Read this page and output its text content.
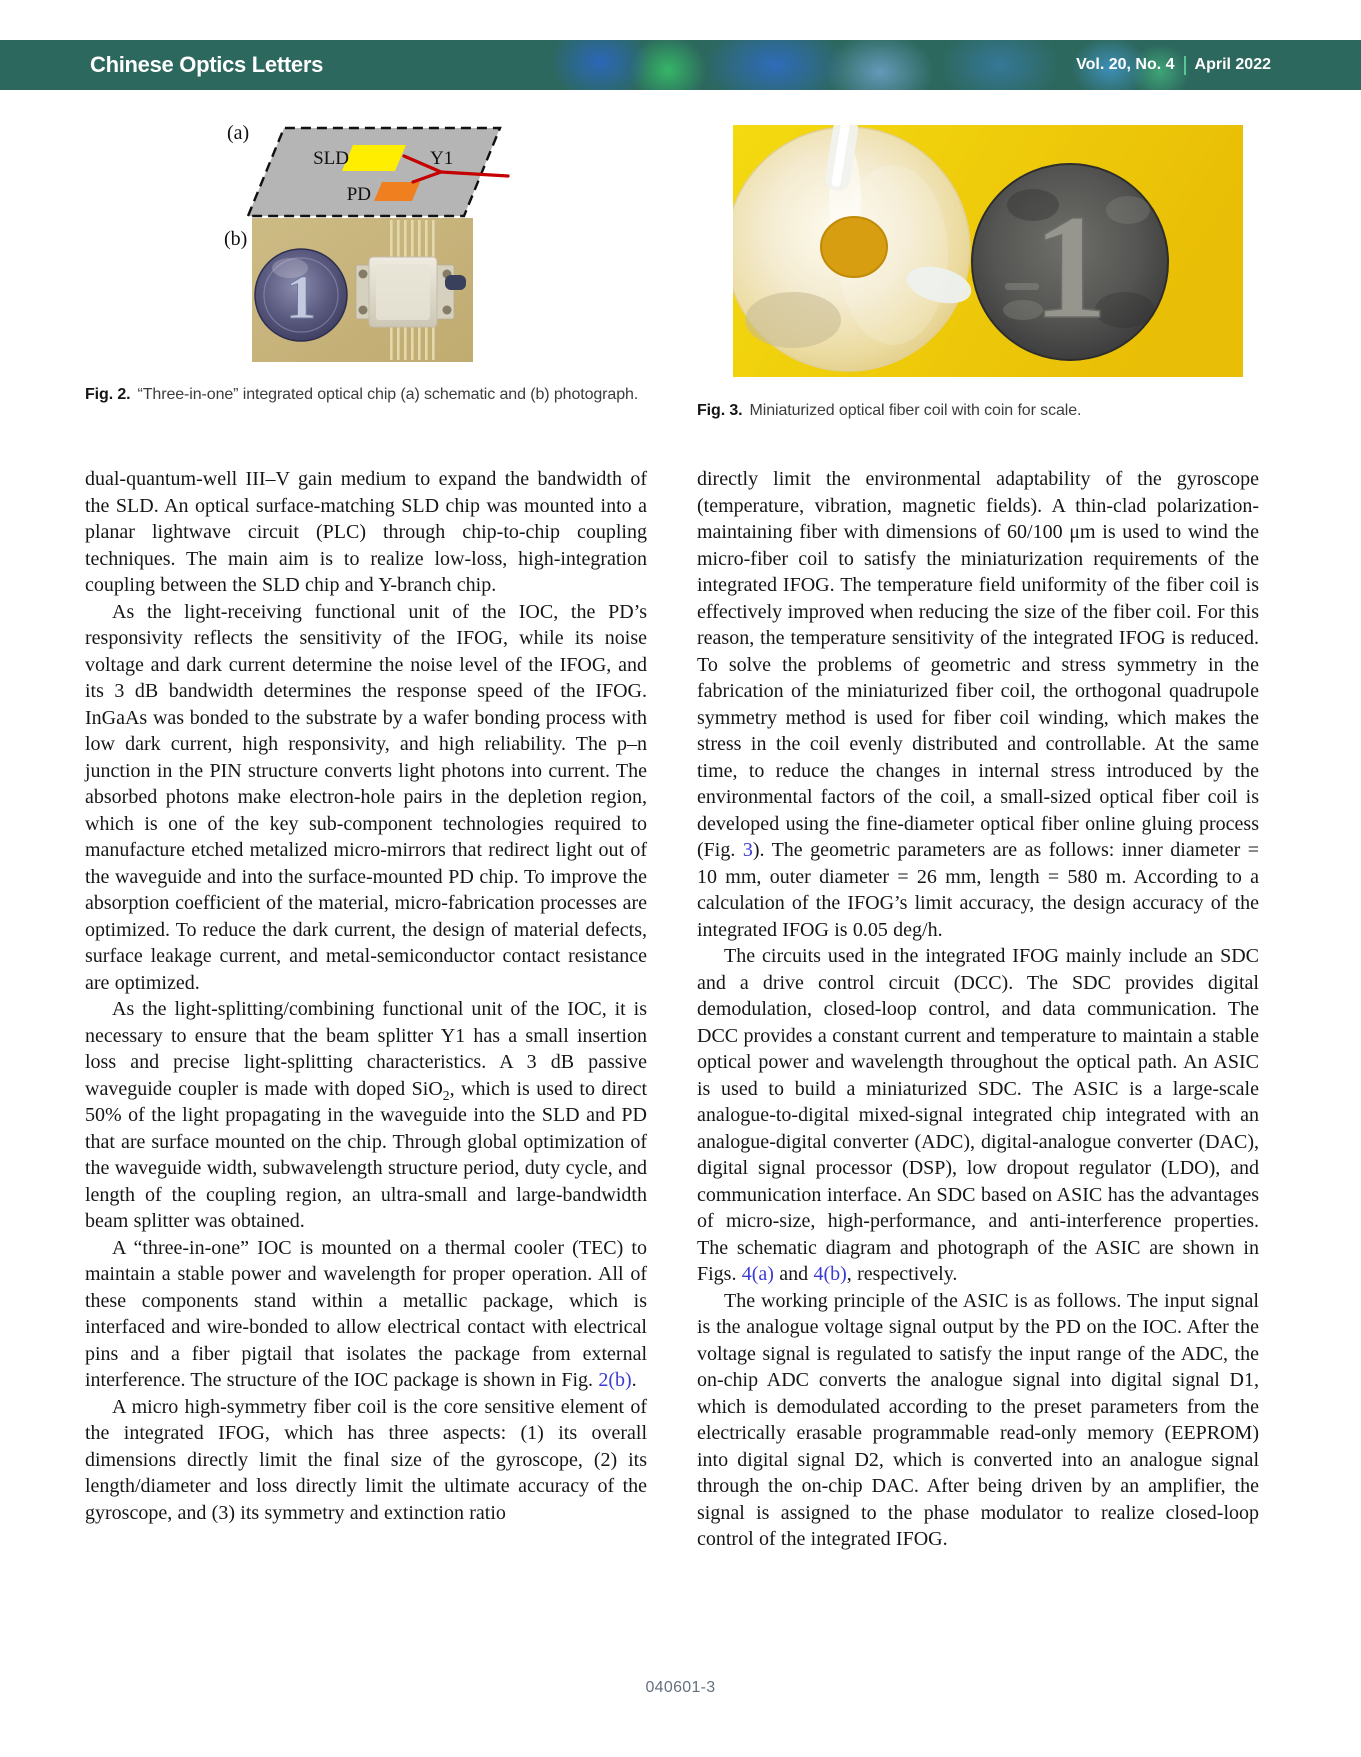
Chinese Optics Letters	Vol. 20, No. 4 April 2022
(a)
SLD
PD
Y1
(b)
1
Fig. 2. “Three-in-one” integrated optical chip (a) schematic and (b) photograph.
1
Fig. 3. Miniaturized optical fiber coil with coin for scale.

dual-quantum-well III–V gain medium to expand the bandwidth of the SLD. An optical surface-matching SLD chip was mounted into a planar lightwave circuit (PLC) through chip-to-chip coupling techniques. The main aim is to realize low-loss, high-integration coupling between the SLD chip and Y-branch chip.

As the light-receiving functional unit of the IOC, the PD’s responsivity reflects the sensitivity of the IFOG, while its noise voltage and dark current determine the noise level of the IFOG, and its 3 dB bandwidth determines the response speed of the IFOG. InGaAs was bonded to the substrate by a wafer bonding process with low dark current, high responsivity, and high reliability. The p–n junction in the PIN structure converts light photons into current. The absorbed photons make electron-hole pairs in the depletion region, which is one of the key sub-component technologies required to manufacture etched metalized micro-mirrors that redirect light out of the waveguide and into the surface-mounted PD chip. To improve the absorption coefficient of the material, micro-fabrication processes are optimized. To reduce the dark current, the design of material defects, surface leakage current, and metal-semiconductor contact resistance are optimized.

As the light-splitting/combining functional unit of the IOC, it is necessary to ensure that the beam splitter Y1 has a small insertion loss and precise light-splitting characteristics. A 3 dB passive waveguide coupler is made with doped SiO$_2$, which is used to direct 50% of the light propagating in the waveguide into the SLD and PD that are surface mounted on the chip. Through global optimization of the waveguide width, subwavelength structure period, duty cycle, and length of the coupling region, an ultra-small and large-bandwidth beam splitter was obtained.

A “three-in-one” IOC is mounted on a thermal cooler (TEC) to maintain a stable power and wavelength for proper operation. All of these components stand within a metallic package, which is interfaced and wire-bonded to allow electrical contact with electrical pins and a fiber pigtail that isolates the package from external interference. The structure of the IOC package is shown in Fig. 2(b).

A micro high-symmetry fiber coil is the core sensitive element of the integrated IFOG, which has three aspects: (1) its overall dimensions directly limit the final size of the gyroscope, (2) its length/diameter and loss directly limit the ultimate accuracy of the gyroscope, and (3) its symmetry and extinction ratio

directly limit the environmental adaptability of the gyroscope (temperature, vibration, magnetic fields). A thin-clad polarization-maintaining fiber with dimensions of 60/100 μm is used to wind the micro-fiber coil to satisfy the miniaturization requirements of the integrated IFOG. The temperature field uniformity of the fiber coil is effectively improved when reducing the size of the fiber coil. For this reason, the temperature sensitivity of the integrated IFOG is reduced. To solve the problems of geometric and stress symmetry in the fabrication of the miniaturized fiber coil, the orthogonal quadrupole symmetry method is used for fiber coil winding, which makes the stress in the coil evenly distributed and controllable. At the same time, to reduce the changes in internal stress introduced by the environmental factors of the coil, a small-sized optical fiber coil is developed using the fine-diameter optical fiber online gluing process (Fig. 3). The geometric parameters are as follows: inner diameter = 10 mm, outer diameter = 26 mm, length = 580 m. According to a calculation of the IFOG’s limit accuracy, the design accuracy of the integrated IFOG is 0.05 deg/h.

The circuits used in the integrated IFOG mainly include an SDC and a drive control circuit (DCC). The SDC provides digital demodulation, closed-loop control, and data communication. The DCC provides a constant current and temperature to maintain a stable optical power and wavelength throughout the optical path. An ASIC is used to build a miniaturized SDC. The ASIC is a large-scale analogue-to-digital mixed-signal integrated chip integrated with an analogue-digital converter (ADC), digital-analogue converter (DAC), digital signal processor (DSP), low dropout regulator (LDO), and communication interface. An SDC based on ASIC has the advantages of micro-size, high-performance, and anti-interference properties. The schematic diagram and photograph of the ASIC are shown in Figs. 4(a) and 4(b), respectively.

The working principle of the ASIC is as follows. The input signal is the analogue voltage signal output by the PD on the IOC. After the voltage signal is regulated to satisfy the input range of the ADC, the on-chip ADC converts the analogue signal into digital signal D1, which is demodulated according to the preset parameters from the electrically erasable programmable read-only memory (EEPROM) into digital signal D2, which is converted into an analogue signal through the on-chip DAC. After being driven by an amplifier, the signal is assigned to the phase modulator to realize closed-loop control of the integrated IFOG.

040601-3
